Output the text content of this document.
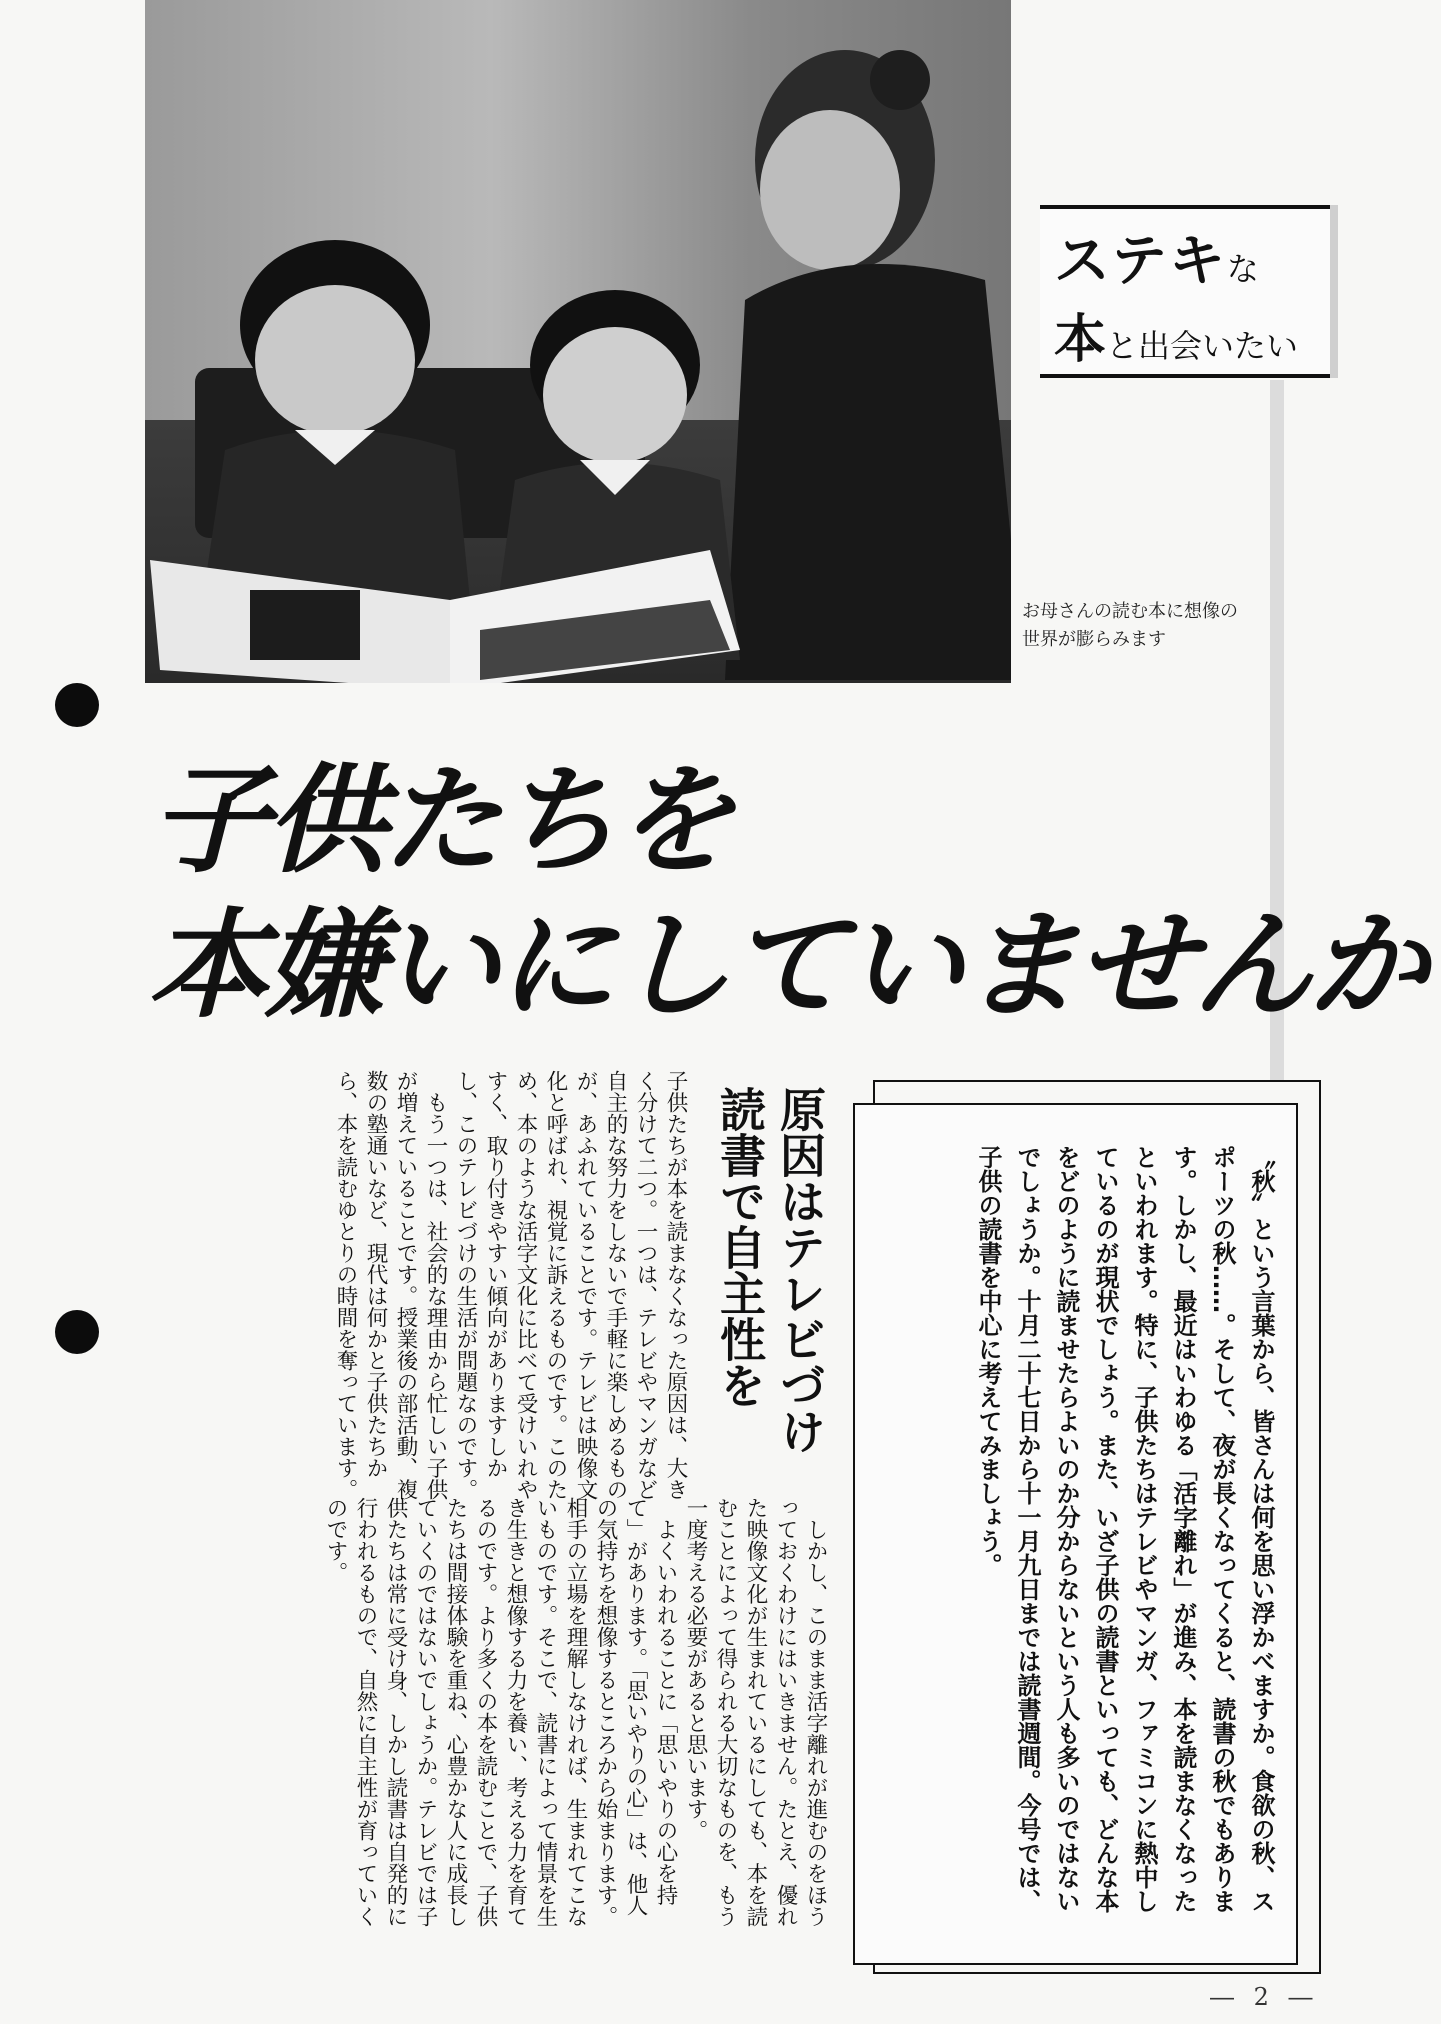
お母さんの読む本に想像の世界が膨らみます
ステキな
本と出会いたい
子供たちを
本嫌いにしていませんか
〝秋〟という言葉から、皆さんは何を思い浮かべますか。食欲の秋、スポーツの秋……。そして、夜が長くなってくると、読書の秋でもあります。しかし、最近はいわゆる「活字離れ」が進み、本を読まなくなったといわれます。特に、子供たちはテレビやマンガ、ファミコンに熱中しているのが現状でしょう。また、いざ子供の読書といっても、どんな本をどのように読ませたらよいのか分からないという人も多いのではないでしょうか。十月二十七日から十一月九日までは読書週間。今号では、子供の読書を中心に考えてみましょう。
原因はテレビづけ
読書で自主性を
子供たちが本を読まなくなった原因は、大きく分けて二つ。一つは、テレビやマンガなど自主的な努力をしないで手軽に楽しめるものが、あふれていることです。テレビは映像文化と呼ばれ、視覚に訴えるものです。このため、本のような活字文化に比べて受けいれやすく、取り付きやすい傾向がありますしかし、このテレビづけの生活が問題なのです。
　もう一つは、社会的な理由から忙しい子供が増えていることです。授業後の部活動、複数の塾通いなど、現代は何かと子供たちから、本を読むゆとりの時間を奪っています。
　しかし、このまま活字離れが進むのをほうっておくわけにはいきません。たとえ、優れた映像文化が生まれているにしても、本を読むことによって得られる大切なものを、もう一度考える必要があると思います。
　よくいわれることに「思いやりの心を持て」があります。「思いやりの心」は、他人の気持ちを想像するところから始まります。相手の立場を理解しなければ、生まれてこないものです。そこで、読書によって情景を生き生きと想像する力を養い、考える力を育てるのです。より多くの本を読むことで、子供たちは間接体験を重ね、心豊かな人に成長していくのではないでしょうか。テレビでは子供たちは常に受け身、しかし読書は自発的に行われるもので、自然に自主性が育っていくのです。
― 2 ―
